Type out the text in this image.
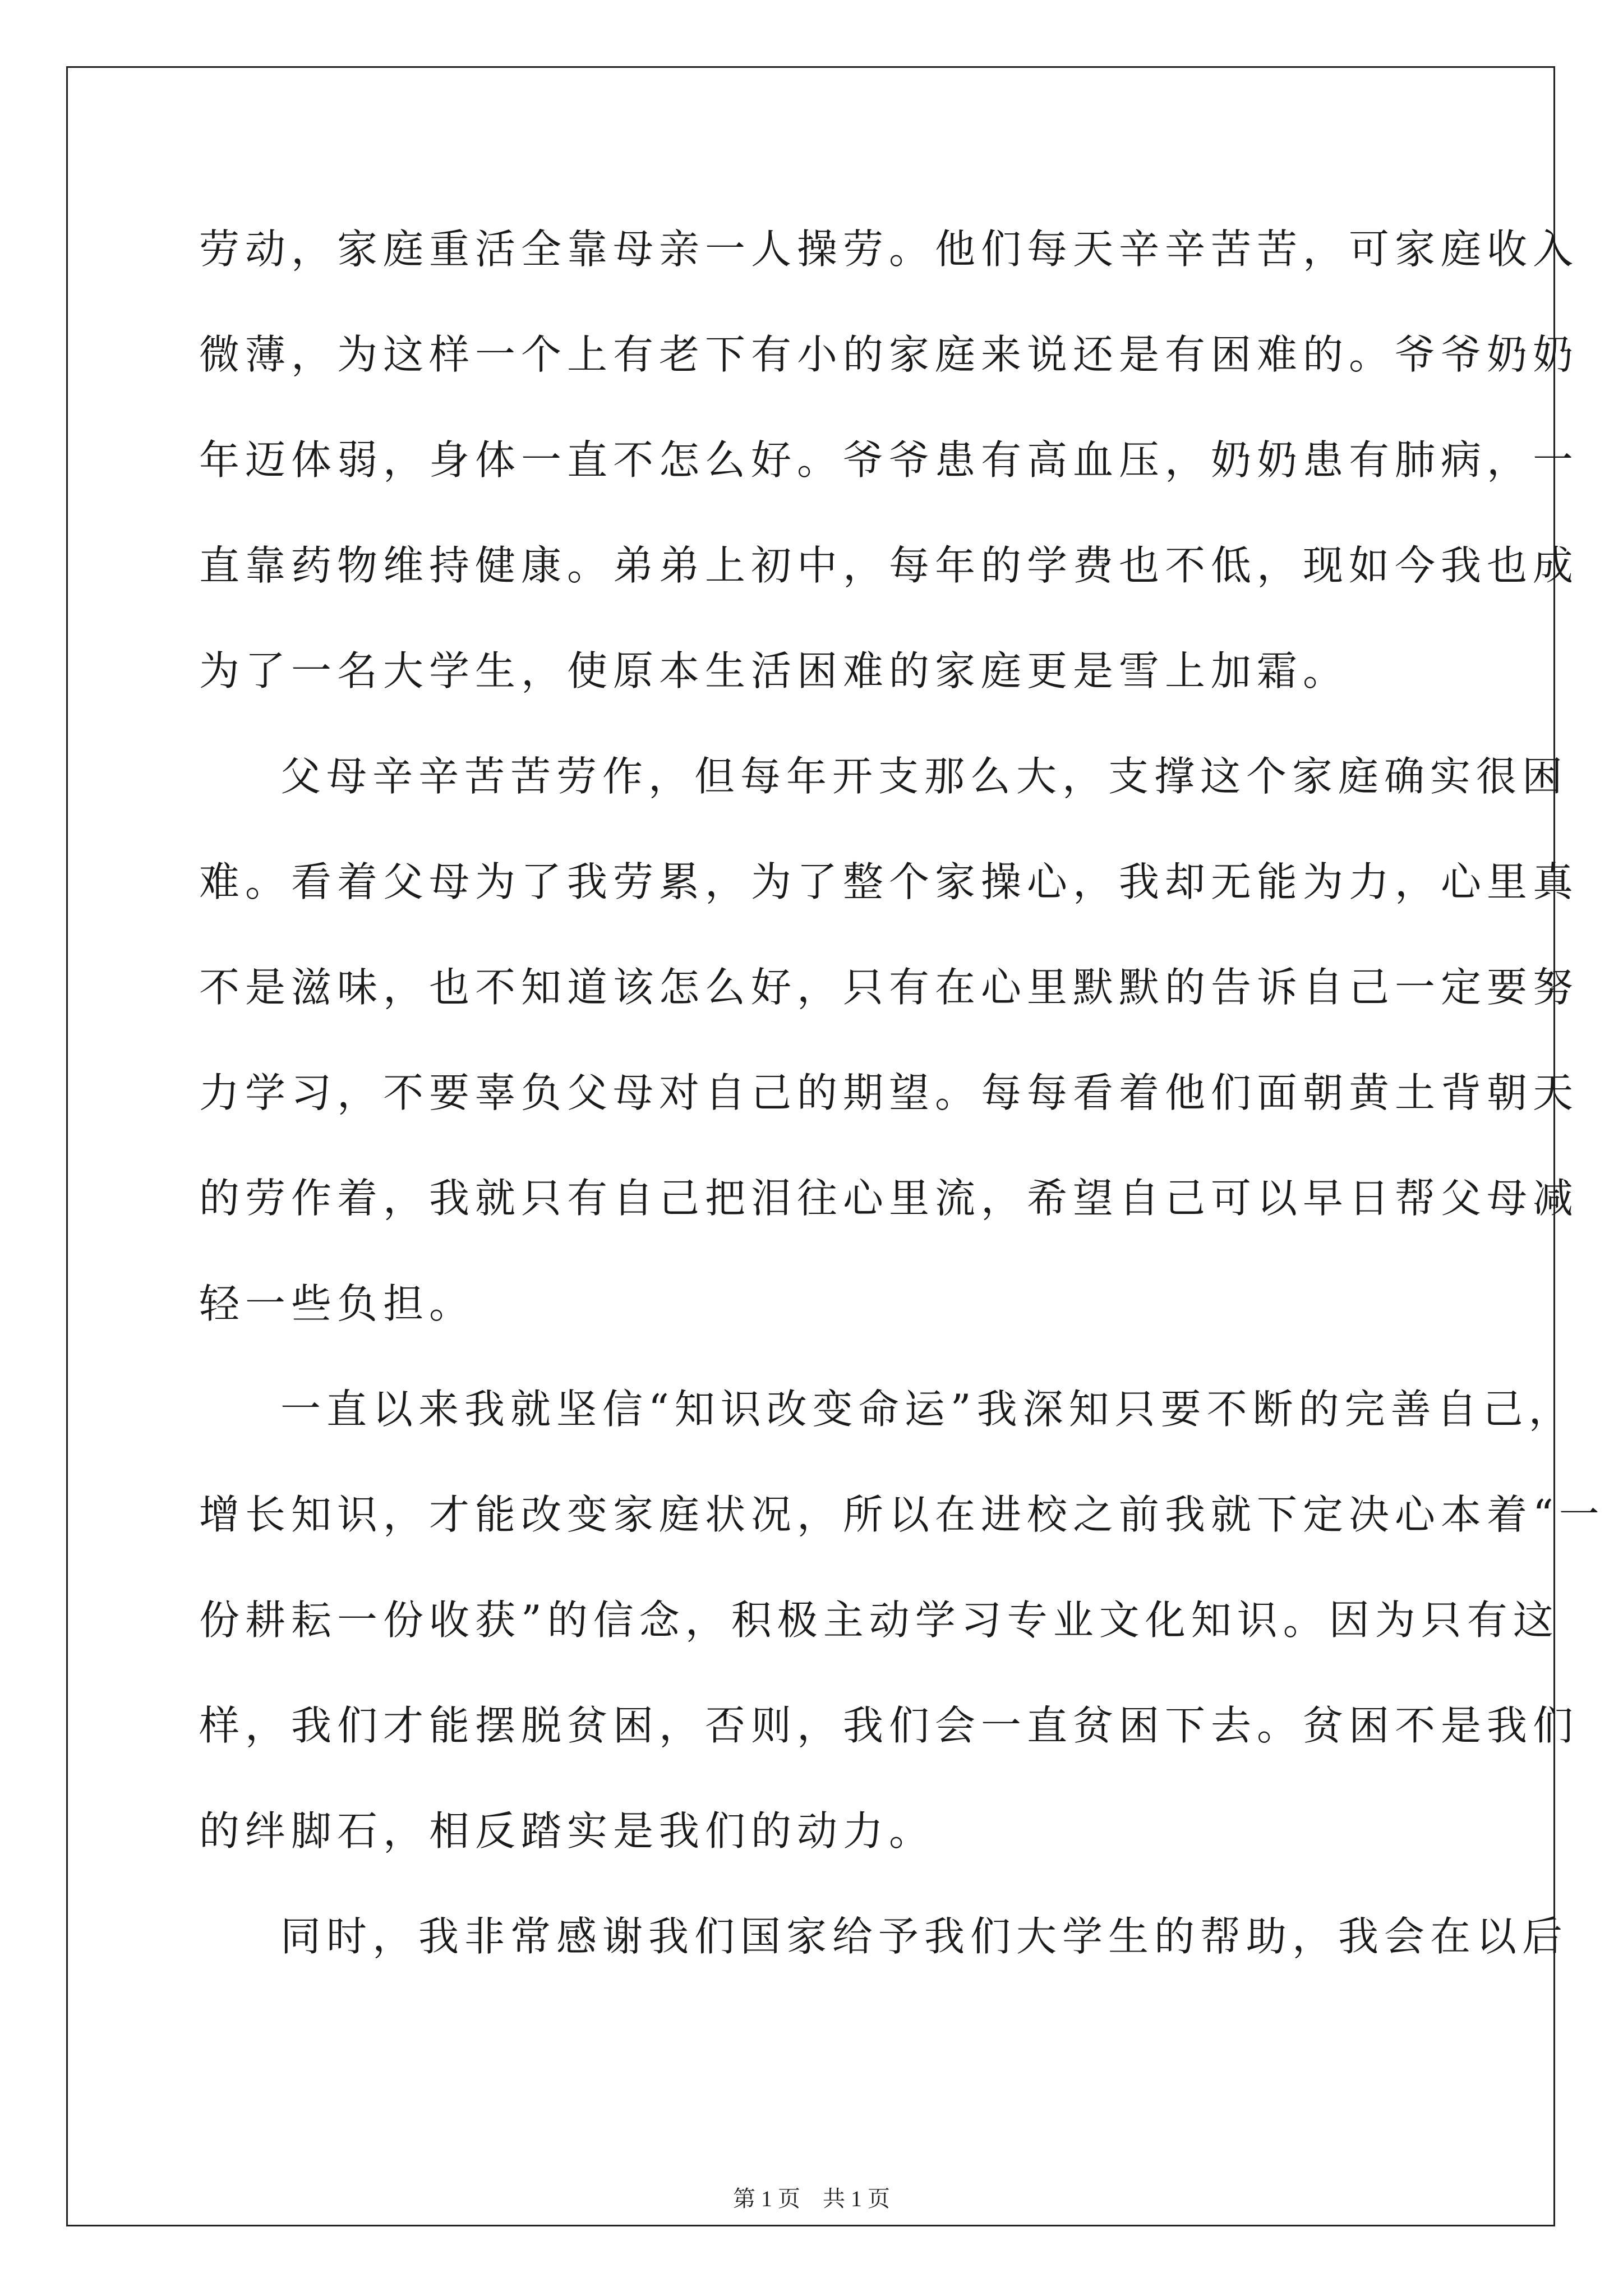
劳动，家庭重活全靠母亲一人操劳。他们每天辛辛苦苦，可家庭收入
微薄，为这样一个上有老下有小的家庭来说还是有困难的。爷爷奶奶
年迈体弱，身体一直不怎么好。爷爷患有高血压，奶奶患有肺病，一
直靠药物维持健康。弟弟上初中，每年的学费也不低，现如今我也成
为了一名大学生，使原本生活困难的家庭更是雪上加霜。
父母辛辛苦苦劳作，但每年开支那么大，支撑这个家庭确实很困
难。看着父母为了我劳累，为了整个家操心，我却无能为力，心里真
不是滋味，也不知道该怎么好，只有在心里默默的告诉自己一定要努
力学习，不要辜负父母对自己的期望。每每看着他们面朝黄土背朝天
的劳作着，我就只有自己把泪往心里流，希望自己可以早日帮父母减
轻一些负担。
一直以来我就坚信“知识改变命运”我深知只要不断的完善自己，
增长知识，才能改变家庭状况，所以在进校之前我就下定决心本着“一
份耕耘一份收获”的信念，积极主动学习专业文化知识。因为只有这
样，我们才能摆脱贫困，否则，我们会一直贫困下去。贫困不是我们
的绊脚石，相反踏实是我们的动力。
同时，我非常感谢我们国家给予我们大学生的帮助，我会在以后
第 1 页    共 1 页
